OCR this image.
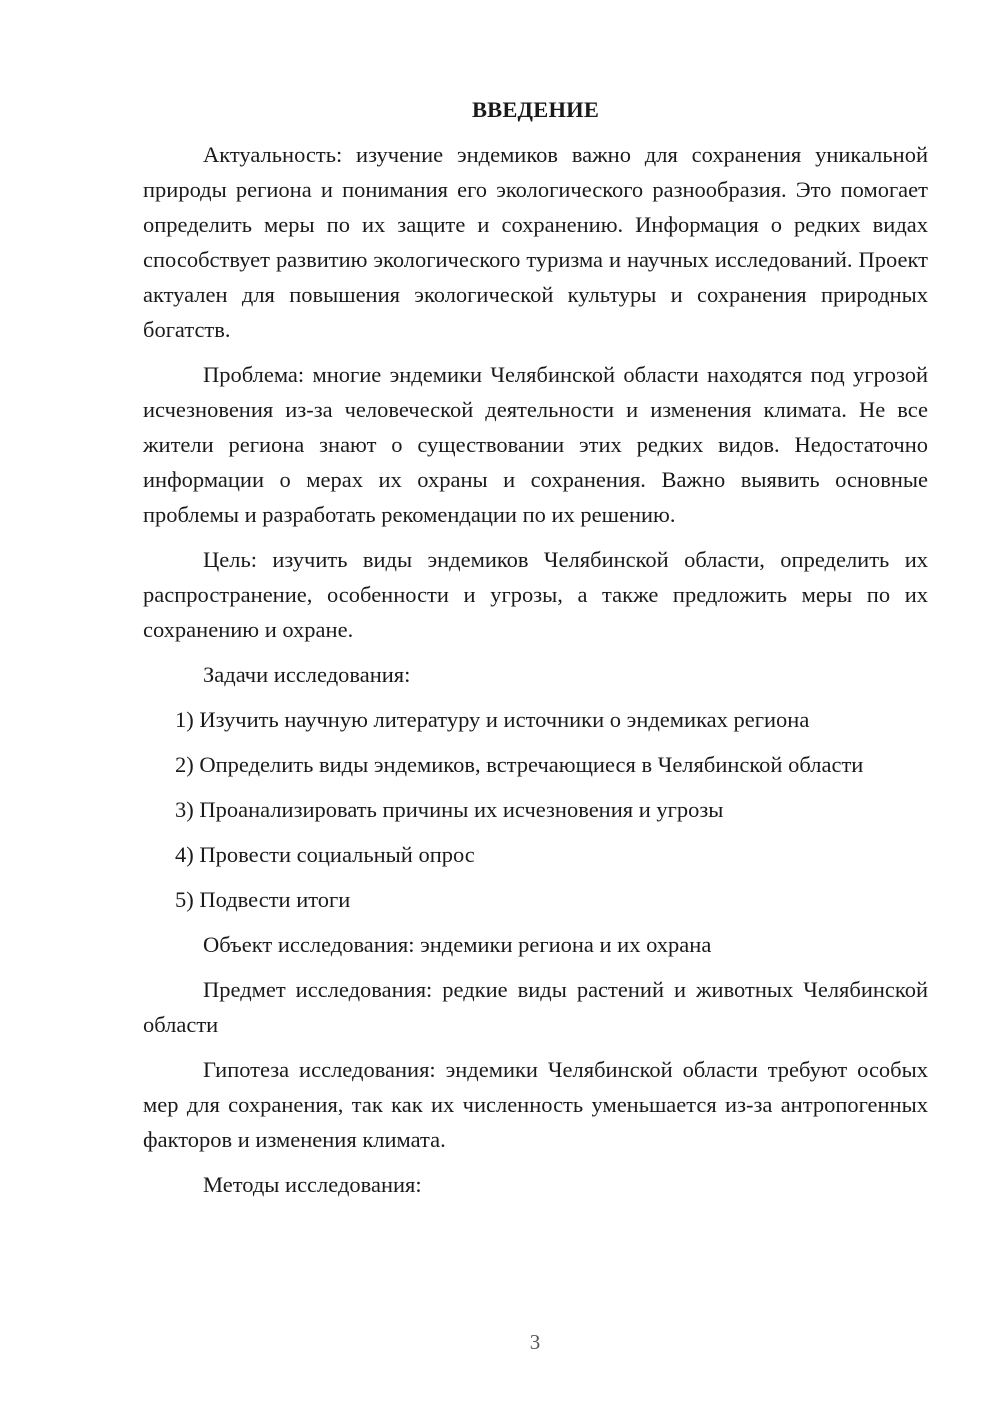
ВВЕДЕНИЕ

Актуальность: изучение эндемиков важно для сохранения уникальной природы региона и понимания его экологического разнообразия. Это помогает определить меры по их защите и сохранению. Информация о редких видах способствует развитию экологического туризма и научных исследований. Проект актуален для повышения экологической культуры и сохранения природных богатств.

Проблема: многие эндемики Челябинской области находятся под угрозой исчезновения из-за человеческой деятельности и изменения климата. Не все жители региона знают о существовании этих редких видов. Недостаточно информации о мерах их охраны и сохранения. Важно выявить основные проблемы и разработать рекомендации по их решению.

Цель: изучить виды эндемиков Челябинской области, определить их распространение, особенности и угрозы, а также предложить меры по их сохранению и охране.

Задачи исследования:

1) Изучить научную литературу и источники о эндемиках региона

2) Определить виды эндемиков, встречающиеся в Челябинской области

3) Проанализировать причины их исчезновения и угрозы

4) Провести социальный опрос

5) Подвести итоги

Объект исследования: эндемики региона и их охрана

Предмет исследования: редкие виды растений и животных Челябинской области

Гипотеза исследования: эндемики Челябинской области требуют особых мер для сохранения, так как их численность уменьшается из-за антропогенных факторов и изменения климата.

Методы исследования:

3
